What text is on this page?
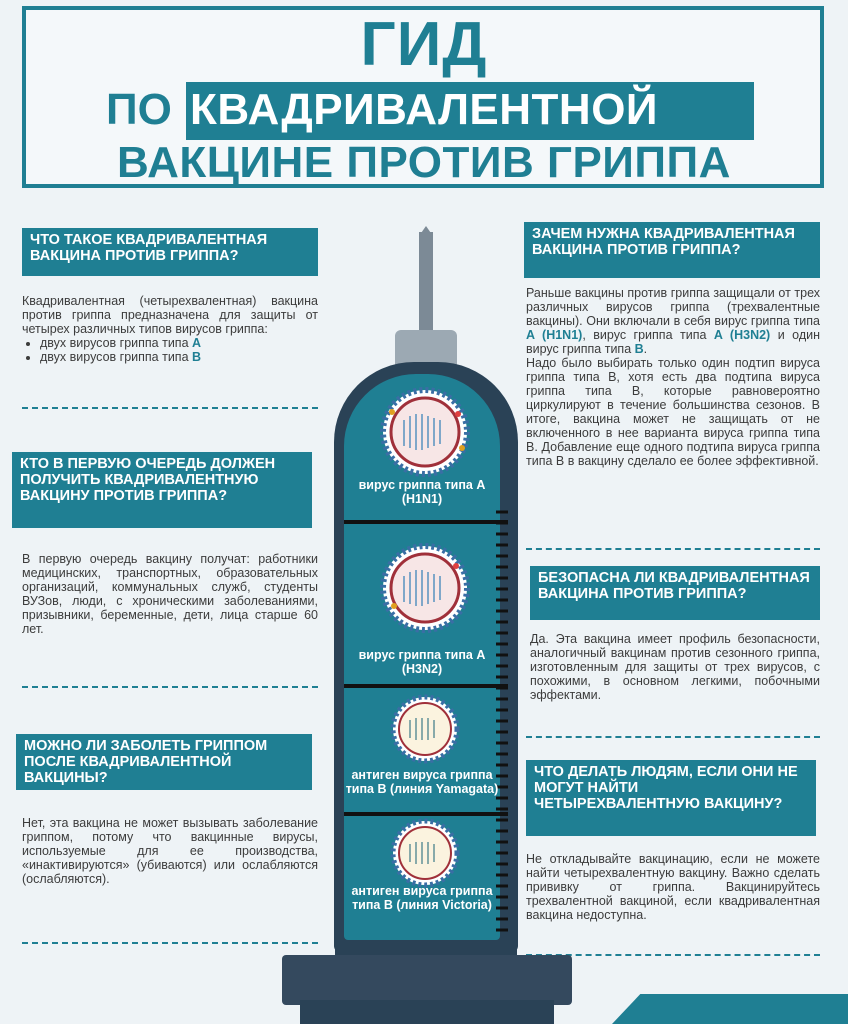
ГИД
ПО КВАДРИВАЛЕНТНОЙ
ВАКЦИНЕ ПРОТИВ ГРИППА
ЧТО ТАКОЕ КВАДРИВАЛЕНТНАЯ ВАКЦИНА ПРОТИВ ГРИППА?
Квадривалентная (четырехвалентная) вакцина против гриппа предназначена для защиты от четырех различных типов вирусов гриппа:
• двух вирусов гриппа типа A
• двух вирусов гриппа типа B
КТО В ПЕРВУЮ ОЧЕРЕДЬ ДОЛЖЕН ПОЛУЧИТЬ КВАДРИВАЛЕНТНУЮ ВАКЦИНУ ПРОТИВ ГРИППА?
В первую очередь вакцину получат: работники медицинских, транспортных, образовательных организаций, коммунальных служб, студенты ВУЗов, люди, с хроническими заболеваниями, призывники, беременные, дети, лица старше 60 лет.
МОЖНО ЛИ ЗАБОЛЕТЬ ГРИППОМ ПОСЛЕ КВАДРИВАЛЕНТНОЙ ВАКЦИНЫ?
Нет, эта вакцина не может вызывать заболевание гриппом, потому что вакцинные вирусы, используемые для ее производства, «инактивируются» (убиваются) или ослабляются (ослабляются).
ЗАЧЕМ НУЖНА КВАДРИВАЛЕНТНАЯ ВАКЦИНА ПРОТИВ ГРИППА?
Раньше вакцины против гриппа защищали от трех различных вирусов гриппа (трехвалентные вакцины). Они включали в себя вирус гриппа типа A (H1N1), вирус гриппа типа A (H3N2) и один вирус гриппа типа B.
Надо было выбирать только один подтип вируса гриппа типа В, хотя есть два подтипа вируса гриппа типа В, которые равновероятно циркулируют в течение большинства сезонов. В итоге, вакцина может не защищать от не включенного в нее варианта вируса гриппа типа В. Добавление еще одного подтипа вируса гриппа типа В в вакцину сделало ее более эффективной.
БЕЗОПАСНА ЛИ КВАДРИВАЛЕНТНАЯ ВАКЦИНА ПРОТИВ ГРИППА?
Да. Эта вакцина имеет профиль безопасности, аналогичный вакцинам против сезонного гриппа, изготовленным для защиты от трех вирусов, с похожими, в основном легкими, побочными эффектами.
ЧТО ДЕЛАТЬ ЛЮДЯМ, ЕСЛИ ОНИ НЕ МОГУТ НАЙТИ ЧЕТЫРЕХВАЛЕНТНУЮ ВАКЦИНУ?
Не откладывайте вакцинацию, если не можете найти четырехвалентную вакцину. Важно сделать прививку от гриппа. Вакцинируйтесь трехвалентной вакциной, если квадривалентная вакцина недоступна.
вирус гриппа типа A (H1N1)
вирус гриппа типа A (H3N2)
антиген вируса гриппа типа B (линия Yamagata)
антиген вируса гриппа типа B (линия Victoria)
